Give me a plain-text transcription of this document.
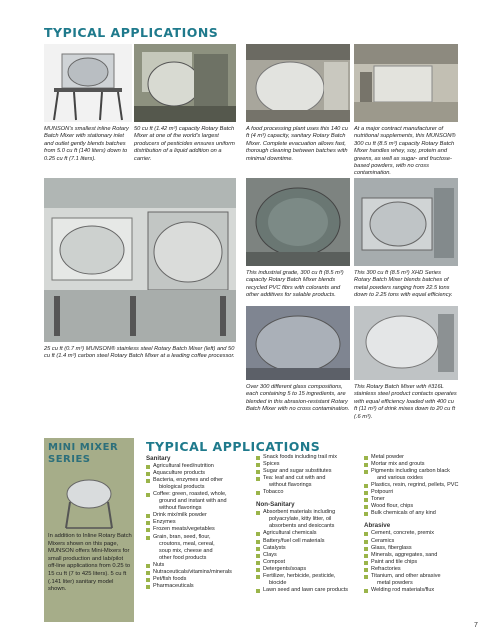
TYPICAL APPLICATIONS
MUNSON's smallest inline Rotary Batch Mixer with stationary inlet and outlet gently blends batches from 5.0 cu ft (140 liters) down to 0.25 cu ft (7.1 liters).
50 cu ft (1.42 m³) capacity Rotary Batch Mixer at one of the world's largest producers of pesticides ensures uniform distribution of a liquid addition on a carrier.
A food processing plant uses this 140 cu ft (4 m³) capacity, sanitary Rotary Batch Mixer. Complete evacuation allows fast, thorough cleaning between batches with minimal downtime.
At a major contract manufacturer of nutritional supplements, this MUNSON® 300 cu ft (8.5 m³) capacity Rotary Batch Mixer handles whey, soy, protein and greens, as well as sugar- and fructose-based powders, with no cross contamination.
This industrial grade, 300 cu ft (8.5 m³) capacity Rotary Batch Mixer blends recycled PVC fibrs with colorants and other additives for salable products.
This 300 cu ft (8.5 m³) XHD Series Rotary Batch Mixer blends batches of metal powders ranging from 22.5 tons down to 2.25 tons with equal efficiency.
25 cu ft (0.7 m³) MUNSON® stainless steel Rotary Batch Mixer (left) and 50 cu ft (1.4 m³) carbon steel Rotary Batch Mixer at a leading coffee processor.
Over 300 different glass compositions, each containing 5 to 15 ingredients, are blended in this abrasion-resistant Rotary Batch Mixer with no cross contamination.
This Rotary Batch Mixer with #316L stainless steel product contacts operates with equal efficiency loaded with 400 cu ft (11 m³) of drink mixes down to 20 cu ft (.6 m³).
MINI MIXER
SERIES
In addition to Inline Rotary Batch Mixers shown on this page, MUNSON offers Mini-Mixers for small production and lab/pilot off-line applications from 0.25 to 15 cu ft (7 to 425 liters). 5 cu ft (.141 liter) sanitary model shown.
TYPICAL APPLICATIONS
Sanitary
Agricultural feed/nutrition
Aquaculture products
Bacteria, enzymes and other
biological products
Coffee: green, roasted, whole,
ground and instant with and
without flavorings
Drink mix/milk powder
Enzymes
Frozen meats/vegetables
Grain, bran, seed, flour,
croutons, meal, cereal,
soup mix, cheese and
other food products
Nuts
Nutraceuticals/vitamins/minerals
Pet/fish foods
Pharmaceuticals
Snack foods including trail mix
Spices
Sugar and sugar substitutes
Tea: leaf and cut with and
without flavorings
Tobacco
Non-Sanitary
Absorbent materials including
polyacrylate, kitty litter, oil
absorbents and desiccants
Agricultural chemicals
Battery/fuel cell materials
Catalysts
Clays
Compost
Detergents/soaps
Fertilizer, herbicide, pesticide,
biocide
Lawn seed and lawn care products
Metal powder
Mortar mix and grouts
Pigments including carbon black
and various oxides
Plastics, resin, regrind, pellets, PVC
Potpourri
Toner
Wood flour, chips
Bulk chemicals of any kind
Abrasive
Cement, concrete, premix
Ceramics
Glass, fiberglass
Minerals, aggregates, sand
Paint and tile chips
Refractories
Titanium, and other abrasive
metal powders
Welding rod materials/flux
7
